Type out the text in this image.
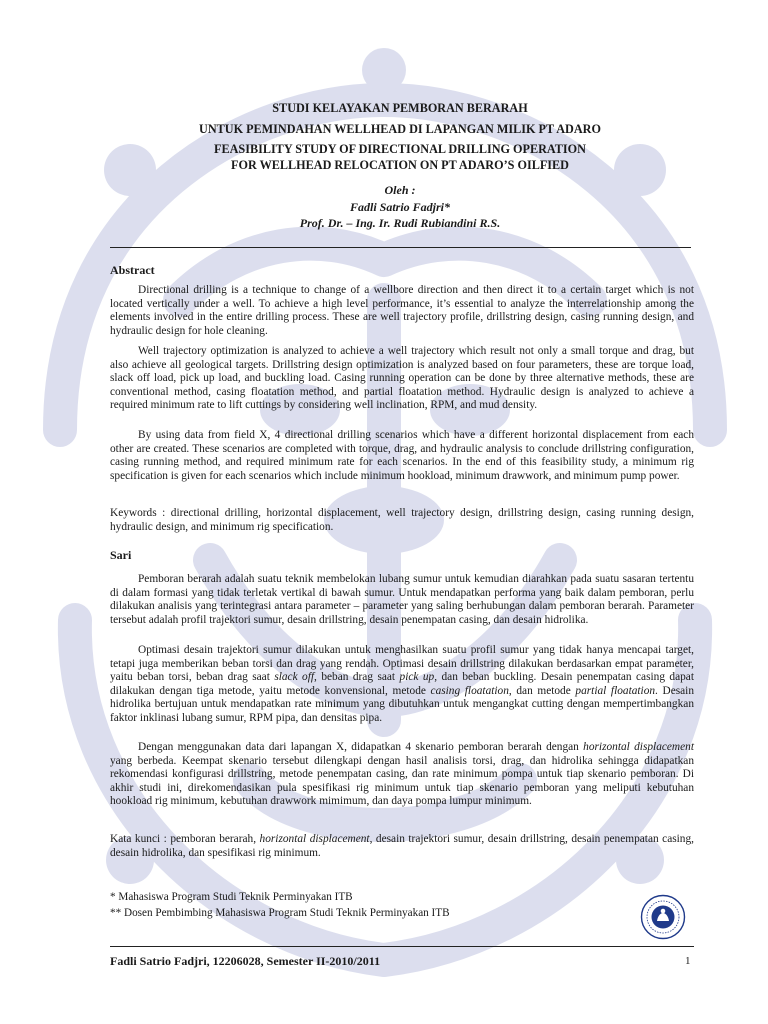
STUDI KELAYAKAN PEMBORAN BERARAH

UNTUK PEMINDAHAN WELLHEAD DI LAPANGAN MILIK PT ADARO

FEASIBILITY STUDY OF DIRECTIONAL DRILLING OPERATION

FOR WELLHEAD RELOCATION ON PT ADARO’S OILFIED

Oleh :
Fadli Satrio Fadjri*
Prof. Dr. – Ing. Ir. Rudi Rubiandini R.S.

Abstract

Directional drilling is a technique to change of a wellbore direction and then direct it to a certain target which is not located vertically under a well. To achieve a high level performance, it’s essential to analyze the interrelationship among the elements involved in the entire drilling process. These are well trajectory profile, drillstring design, casing running design, and hydraulic design for hole cleaning.

Well trajectory optimization is analyzed to achieve a well trajectory which result not only a small torque and drag, but also achieve all geological targets. Drillstring design optimization is analyzed based on four parameters, these are torque load, slack off load, pick up load, and buckling load. Casing running operation can be done by three alternative methods, these are conventional method, casing floatation method, and partial floatation method. Hydraulic design is analyzed to achieve a required minimum rate to lift cuttings by considering well inclination, RPM, and mud density.

By using data from field X, 4 directional drilling scenarios which have a different horizontal displacement from each other are created. These scenarios are completed with torque, drag, and hydraulic analysis to conclude drillstring configuration, casing running method, and required minimum rate for each scenarios. In the end of this feasibility study, a minimum rig specification is given for each scenarios which include minimum hookload, minimum drawwork, and minimum pump power.

Keywords : directional drilling, horizontal displacement, well trajectory design, drillstring design, casing running design, hydraulic design, and minimum rig specification.

Sari

Pemboran berarah adalah suatu teknik membelokan lubang sumur untuk kemudian diarahkan pada suatu sasaran tertentu di dalam formasi yang tidak terletak vertikal di bawah sumur. Untuk mendapatkan performa yang baik dalam pemboran, perlu dilakukan analisis yang terintegrasi antara parameter – parameter yang saling berhubungan dalam pemboran berarah. Parameter tersebut adalah profil trajektori sumur, desain drillstring, desain penempatan casing, dan desain hidrolika.

Optimasi desain trajektori sumur dilakukan untuk menghasilkan suatu profil sumur yang tidak hanya mencapai target, tetapi juga memberikan beban torsi dan drag yang rendah. Optimasi desain drillstring dilakukan berdasarkan empat parameter, yaitu beban torsi, beban drag saat slack off, beban drag saat pick up, dan beban buckling. Desain penempatan casing dapat dilakukan dengan tiga metode, yaitu metode konvensional, metode casing floatation, dan metode partial floatation. Desain hidrolika bertujuan untuk mendapatkan rate minimum yang dibutuhkan untuk mengangkat cutting dengan mempertimbangkan faktor inklinasi lubang sumur, RPM pipa, dan densitas pipa.

Dengan menggunakan data dari lapangan X, didapatkan 4 skenario pemboran berarah dengan horizontal displacement yang berbeda. Keempat skenario tersebut dilengkapi dengan hasil analisis torsi, drag, dan hidrolika sehingga didapatkan rekomendasi konfigurasi drillstring, metode penempatan casing, dan rate minimum pompa untuk tiap skenario pemboran. Di akhir studi ini, direkomendasikan pula spesifikasi rig minimum untuk tiap skenario pemboran yang meliputi kebutuhan hookload rig minimum, kebutuhan drawwork mimimum, dan daya pompa lumpur minimum.

Kata kunci : pemboran berarah, horizontal displacement, desain trajektori sumur, desain drillstring, desain penempatan casing, desain hidrolika, dan spesifikasi rig minimum.

* Mahasiswa Program Studi Teknik Perminyakan ITB

** Dosen Pembimbing Mahasiswa Program Studi Teknik Perminyakan ITB

Fadli Satrio Fadjri, 12206028, Semester II-2010/2011	1
